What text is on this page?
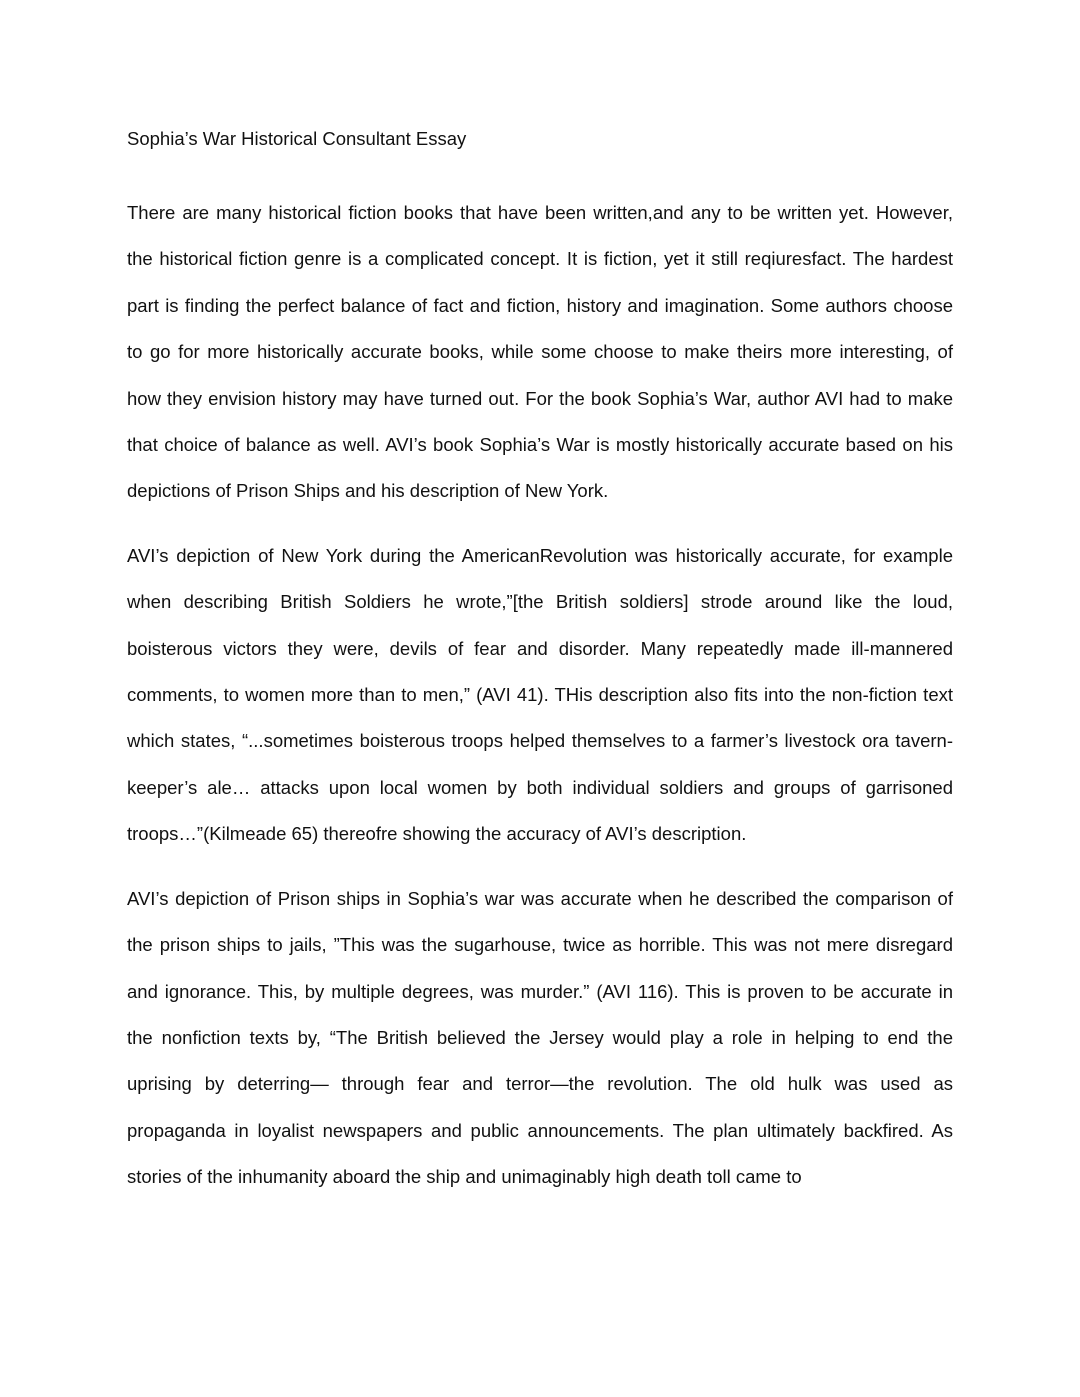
Sophia’s War Historical Consultant Essay

There are many historical fiction books that have been written,and any to be written yet. However, the historical fiction genre is a complicated concept. It is fiction, yet it still reqiuresfact. The hardest part is finding the perfect balance of fact and fiction, history and imagination. Some authors choose to go for more historically accurate books, while some choose to make theirs more interesting, of how they envision history may have turned out. For the book Sophia’s War, author AVI had to make that choice of balance as well. AVI’s book Sophia’s War is mostly historically accurate based on his depictions of Prison Ships and his description of New York.

AVI’s depiction of New York during the AmericanRevolution was historically accurate, for example when describing British Soldiers he wrote,”[the British soldiers] strode around like the loud, boisterous victors they were, devils of fear and disorder. Many repeatedly made ill-mannered comments, to women more than to men,” (AVI 41). THis description also fits into the non-fiction text which states, “...sometimes boisterous troops helped themselves to a farmer’s livestock ora tavern-keeper’s ale… attacks upon local women by both individual soldiers and groups of garrisoned troops…”(Kilmeade 65) thereofre showing the accuracy of AVI’s description.

AVI’s depiction of Prison ships in Sophia’s war was accurate when he described the comparison of the prison ships to jails, ”This was the sugarhouse, twice as horrible. This was not mere disregard and ignorance. This, by multiple degrees, was murder.” (AVI 116). This is proven to be accurate in the nonfiction texts by, “The British believed the Jersey would play a role in helping to end the uprising by deterring— through fear and terror—the revolution. The old hulk was used as propaganda in loyalist newspapers and public announcements. The plan ultimately backfired. As stories of the inhumanity aboard the ship and unimaginably high death toll came to
